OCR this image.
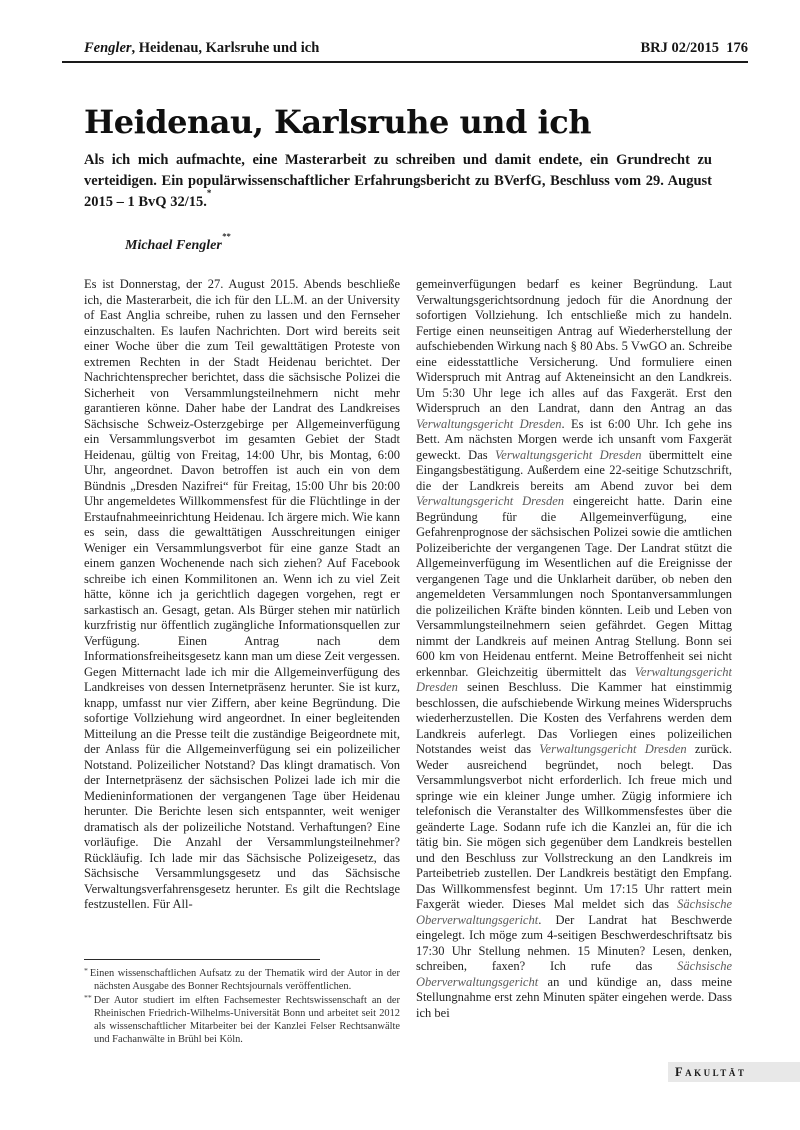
Fengler, Heidenau, Karlsruhe und ich	BRJ 02/2015  176
Heidenau, Karlsruhe und ich
Als ich mich aufmachte, eine Masterarbeit zu schreiben und damit endete, ein Grundrecht zu verteidigen. Ein populärwissenschaftlicher Erfahrungsbericht zu BVerfG, Beschluss vom 29. August 2015 – 1 BvQ 32/15.*
Michael Fengler**
Es ist Donnerstag, der 27. August 2015. Abends beschließe ich, die Masterarbeit, die ich für den LL.M. an der University of East Anglia schreibe, ruhen zu lassen und den Fernseher einzuschalten. Es laufen Nachrichten. Dort wird bereits seit einer Woche über die zum Teil gewalttätigen Proteste von extremen Rechten in der Stadt Heidenau berichtet. Der Nachrichtensprecher berichtet, dass die sächsische Polizei die Sicherheit von Versammlungsteilnehmern nicht mehr garantieren könne. Daher habe der Landrat des Landkreises Sächsische Schweiz-Osterzgebirge per Allgemeinverfügung ein Versammlungsverbot im gesamten Gebiet der Stadt Heidenau, gültig von Freitag, 14:00 Uhr, bis Montag, 6:00 Uhr, angeordnet. Davon betroffen ist auch ein von dem Bündnis „Dresden Nazifrei“ für Freitag, 15:00 Uhr bis 20:00 Uhr angemeldetes Willkommensfest für die Flüchtlinge in der Erstaufnahmeeinrichtung Heidenau. Ich ärgere mich. Wie kann es sein, dass die gewalttätigen Ausschreitungen einiger Weniger ein Versammlungsverbot für eine ganze Stadt an einem ganzen Wochenende nach sich ziehen? Auf Facebook schreibe ich einen Kommilitonen an. Wenn ich zu viel Zeit hätte, könne ich ja gerichtlich dagegen vorgehen, regt er sarkastisch an. Gesagt, getan. Als Bürger stehen mir natürlich kurzfristig nur öffentlich zugängliche Informationsquellen zur Verfügung. Einen Antrag nach dem Informationsfreiheitsgesetz kann man um diese Zeit vergessen. Gegen Mitternacht lade ich mir die Allgemeinverfügung des Landkreises von dessen Internetpräsenz herunter. Sie ist kurz, knapp, umfasst nur vier Ziffern, aber keine Begründung. Die sofortige Vollziehung wird angeordnet. In einer begleitenden Mitteilung an die Presse teilt die zuständige Beigeordnete mit, der Anlass für die Allgemeinverfügung sei ein polizeilicher Notstand. Polizeilicher Notstand? Das klingt dramatisch. Von der Internetpräsenz der sächsischen Polizei lade ich mir die Medieninformationen der vergangenen Tage über Heidenau herunter. Die Berichte lesen sich entspannter, weit weniger dramatisch als der polizeiliche Notstand. Verhaftungen? Eine vorläufige. Die Anzahl der Versammlungsteilnehmer? Rückläufig. Ich lade mir das Sächsische Polizeigesetz, das Sächsische Versammlungsgesetz und das Sächsische Verwaltungsverfahrensgesetz herunter. Es gilt die Rechtslage festzustellen. Für All-

* Einen wissenschaftlichen Aufsatz zu der Thematik wird der Autor in der nächsten Ausgabe des Bonner Rechtsjournals veröffentlichen.

** Der Autor studiert im elften Fachsemester Rechtswissenschaft an der Rheinischen Friedrich-Wilhelms-Universität Bonn und arbeitet seit 2012 als wissenschaftlicher Mitarbeiter bei der Kanzlei Felser Rechtsanwälte und Fachanwälte in Brühl bei Köln.

gemeinverfügungen bedarf es keiner Begründung. Laut Verwaltungsgerichtsordnung jedoch für die Anordnung der sofortigen Vollziehung. Ich entschließe mich zu handeln. Fertige einen neunseitigen Antrag auf Wiederherstellung der aufschiebenden Wirkung nach § 80 Abs. 5 VwGO an. Schreibe eine eidesstattliche Versicherung. Und formuliere einen Widerspruch mit Antrag auf Akteneinsicht an den Landkreis. Um 5:30 Uhr lege ich alles auf das Faxgerät. Erst den Widerspruch an den Landrat, dann den Antrag an das Verwaltungsgericht Dresden. Es ist 6:00 Uhr. Ich gehe ins Bett. Am nächsten Morgen werde ich unsanft vom Faxgerät geweckt. Das Verwaltungsgericht Dresden übermittelt eine Eingangsbestätigung. Außerdem eine 22-seitige Schutzschrift, die der Landkreis bereits am Abend zuvor bei dem Verwaltungsgericht Dresden eingereicht hatte. Darin eine Begründung für die Allgemeinverfügung, eine Gefahrenprognose der sächsischen Polizei sowie die amtlichen Polizeiberichte der vergangenen Tage. Der Landrat stützt die Allgemeinverfügung im Wesentlichen auf die Ereignisse der vergangenen Tage und die Unklarheit darüber, ob neben den angemeldeten Versammlungen noch Spontanversammlungen die polizeilichen Kräfte binden könnten. Leib und Leben von Versammlungsteilnehmern seien gefährdet. Gegen Mittag nimmt der Landkreis auf meinen Antrag Stellung. Bonn sei 600 km von Heidenau entfernt. Meine Betroffenheit sei nicht erkennbar. Gleichzeitig übermittelt das Verwaltungsgericht Dresden seinen Beschluss. Die Kammer hat einstimmig beschlossen, die aufschiebende Wirkung meines Widerspruchs wiederherzustellen. Die Kosten des Verfahrens werden dem Landkreis auferlegt. Das Vorliegen eines polizeilichen Notstandes weist das Verwaltungsgericht Dresden zurück. Weder ausreichend begründet, noch belegt. Das Versammlungsverbot nicht erforderlich. Ich freue mich und springe wie ein kleiner Junge umher. Zügig informiere ich telefonisch die Veranstalter des Willkommensfestes über die geänderte Lage. Sodann rufe ich die Kanzlei an, für die ich tätig bin. Sie mögen sich gegenüber dem Landkreis bestellen und den Beschluss zur Vollstreckung an den Landkreis im Parteibetrieb zustellen. Der Landkreis bestätigt den Empfang. Das Willkommensfest beginnt. Um 17:15 Uhr rattert mein Faxgerät wieder. Dieses Mal meldet sich das Sächsische Oberverwaltungsgericht. Der Landrat hat Beschwerde eingelegt. Ich möge zum 4-seitigen Beschwerdeschriftsatz bis 17:30 Uhr Stellung nehmen. 15 Minuten? Lesen, denken, schreiben, faxen? Ich rufe das Sächsische Oberverwaltungsgericht an und kündige an, dass meine Stellungnahme erst zehn Minuten später eingehen werde. Dass ich bei
Fakultät
